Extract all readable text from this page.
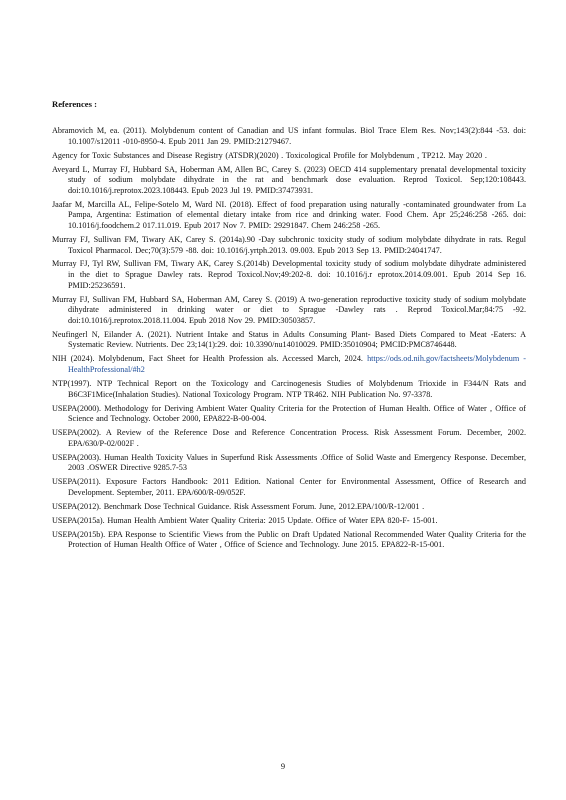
References :

Abramovich M, ea. (2011). Molybdenum content of Canadian and US infant formulas. Biol Trace Elem Res. Nov;143(2):844 -53. doi: 10.1007/s12011 -010-8950-4. Epub 2011 Jan 29. PMID:21279467.

Agency for Toxic Substances and Disease Registry (ATSDR)(2020) . Toxicological Profile for Molybdenum , TP212. May 2020 .

Aveyard L, Murray FJ, Hubbard SA, Hoberman AM, Allen BC, Carey S. (2023) OECD 414 supplementary prenatal developmental toxicity study of sodium molybdate dihydrate in the rat and benchmark dose evaluation. Reprod Toxicol. Sep;120:108443. doi:10.1016/j.reprotox.2023.108443. Epub 2023 Jul 19. PMID:37473931.

Jaafar M, Marcilla AL, Felipe-Sotelo M, Ward NI. (2018). Effect of food preparation using naturally -contaminated groundwater from La Pampa, Argentina: Estimation of elemental dietary intake from rice and drinking water. Food Chem. Apr 25;246:258 -265. doi: 10.1016/j.foodchem.2 017.11.019. Epub 2017 Nov 7. PMID: 29291847. Chem 246:258 -265.

Murray FJ, Sullivan FM, Tiwary AK, Carey S. (2014a).90 -Day subchronic toxicity study of sodium molybdate dihydrate in rats. Regul Toxicol Pharmacol. Dec;70(3):579 -88. doi: 10.1016/j.yrtph.2013. 09.003. Epub 2013 Sep 13. PMID:24041747.

Murray FJ, Tyl RW, Sullivan FM, Tiwary AK, Carey S.(2014b) Developmental toxicity study of sodium molybdate dihydrate administered in the diet to Sprague Dawley rats. Reprod Toxicol.Nov;49:202-8. doi: 10.1016/j.r eprotox.2014.09.001. Epub 2014 Sep 16. PMID:25236591.

Murray FJ, Sullivan FM, Hubbard SA, Hoberman AM, Carey S. (2019) A two-generation reproductive toxicity study of sodium molybdate dihydrate administered in drinking water or diet to Sprague -Dawley rats . Reprod Toxicol.Mar;84:75 -92. doi:10.1016/j.reprotox.2018.11.004. Epub 2018 Nov 29. PMID:30503857.

Neufingerl N, Eilander A. (2021). Nutrient Intake and Status in Adults Consuming Plant- Based Diets Compared to Meat -Eaters: A Systematic Review. Nutrients. Dec 23;14(1):29. doi: 10.3390/nu14010029. PMID:35010904; PMCID:PMC8746448.

NIH (2024). Molybdenum, Fact Sheet for Health Profession als. Accessed March, 2024. https://ods.od.nih.gov/factsheets/Molybdenum -HealthProfessional/#h2

NTP(1997). NTP Technical Report on the Toxicology and Carcinogenesis Studies of Molybdenum Trioxide in F344/N Rats and B6C3F1Mice(Inhalation Studies). National Toxicology Program. NTP TR462. NIH Publication No. 97-3378.

USEPA(2000). Methodology for Deriving Ambient Water Quality Criteria for the Protection of Human Health. Office of Water , Office of Science and Technology. October 2000, EPA822-B-00-004.

USEPA(2002). A Review of the Reference Dose and Reference Concentration Process. Risk Assessment Forum. December, 2002. EPA/630/P-02/002F .

USEPA(2003). Human Health Toxicity Values in Superfund Risk Assessments .Office of Solid Waste and Emergency Response. December, 2003 .OSWER Directive 9285.7-53

USEPA(2011). Exposure Factors Handbook: 2011 Edition. National Center for Environmental Assessment, Office of Research and Development. September, 2011. EPA/600/R-09/052F.

USEPA(2012). Benchmark Dose Technical Guidance. Risk Assessment Forum. June, 2012.EPA/100/R-12/001 .

USEPA(2015a). Human Health Ambient Water Quality Criteria: 2015 Update. Office of Water EPA 820-F- 15-001.

USEPA(2015b). EPA Response to Scientific Views from the Public on Draft Updated National Recommended Water Quality Criteria for the Protection of Human Health Office of Water , Office of Science and Technology. June 2015. EPA822-R-15-001.

9
